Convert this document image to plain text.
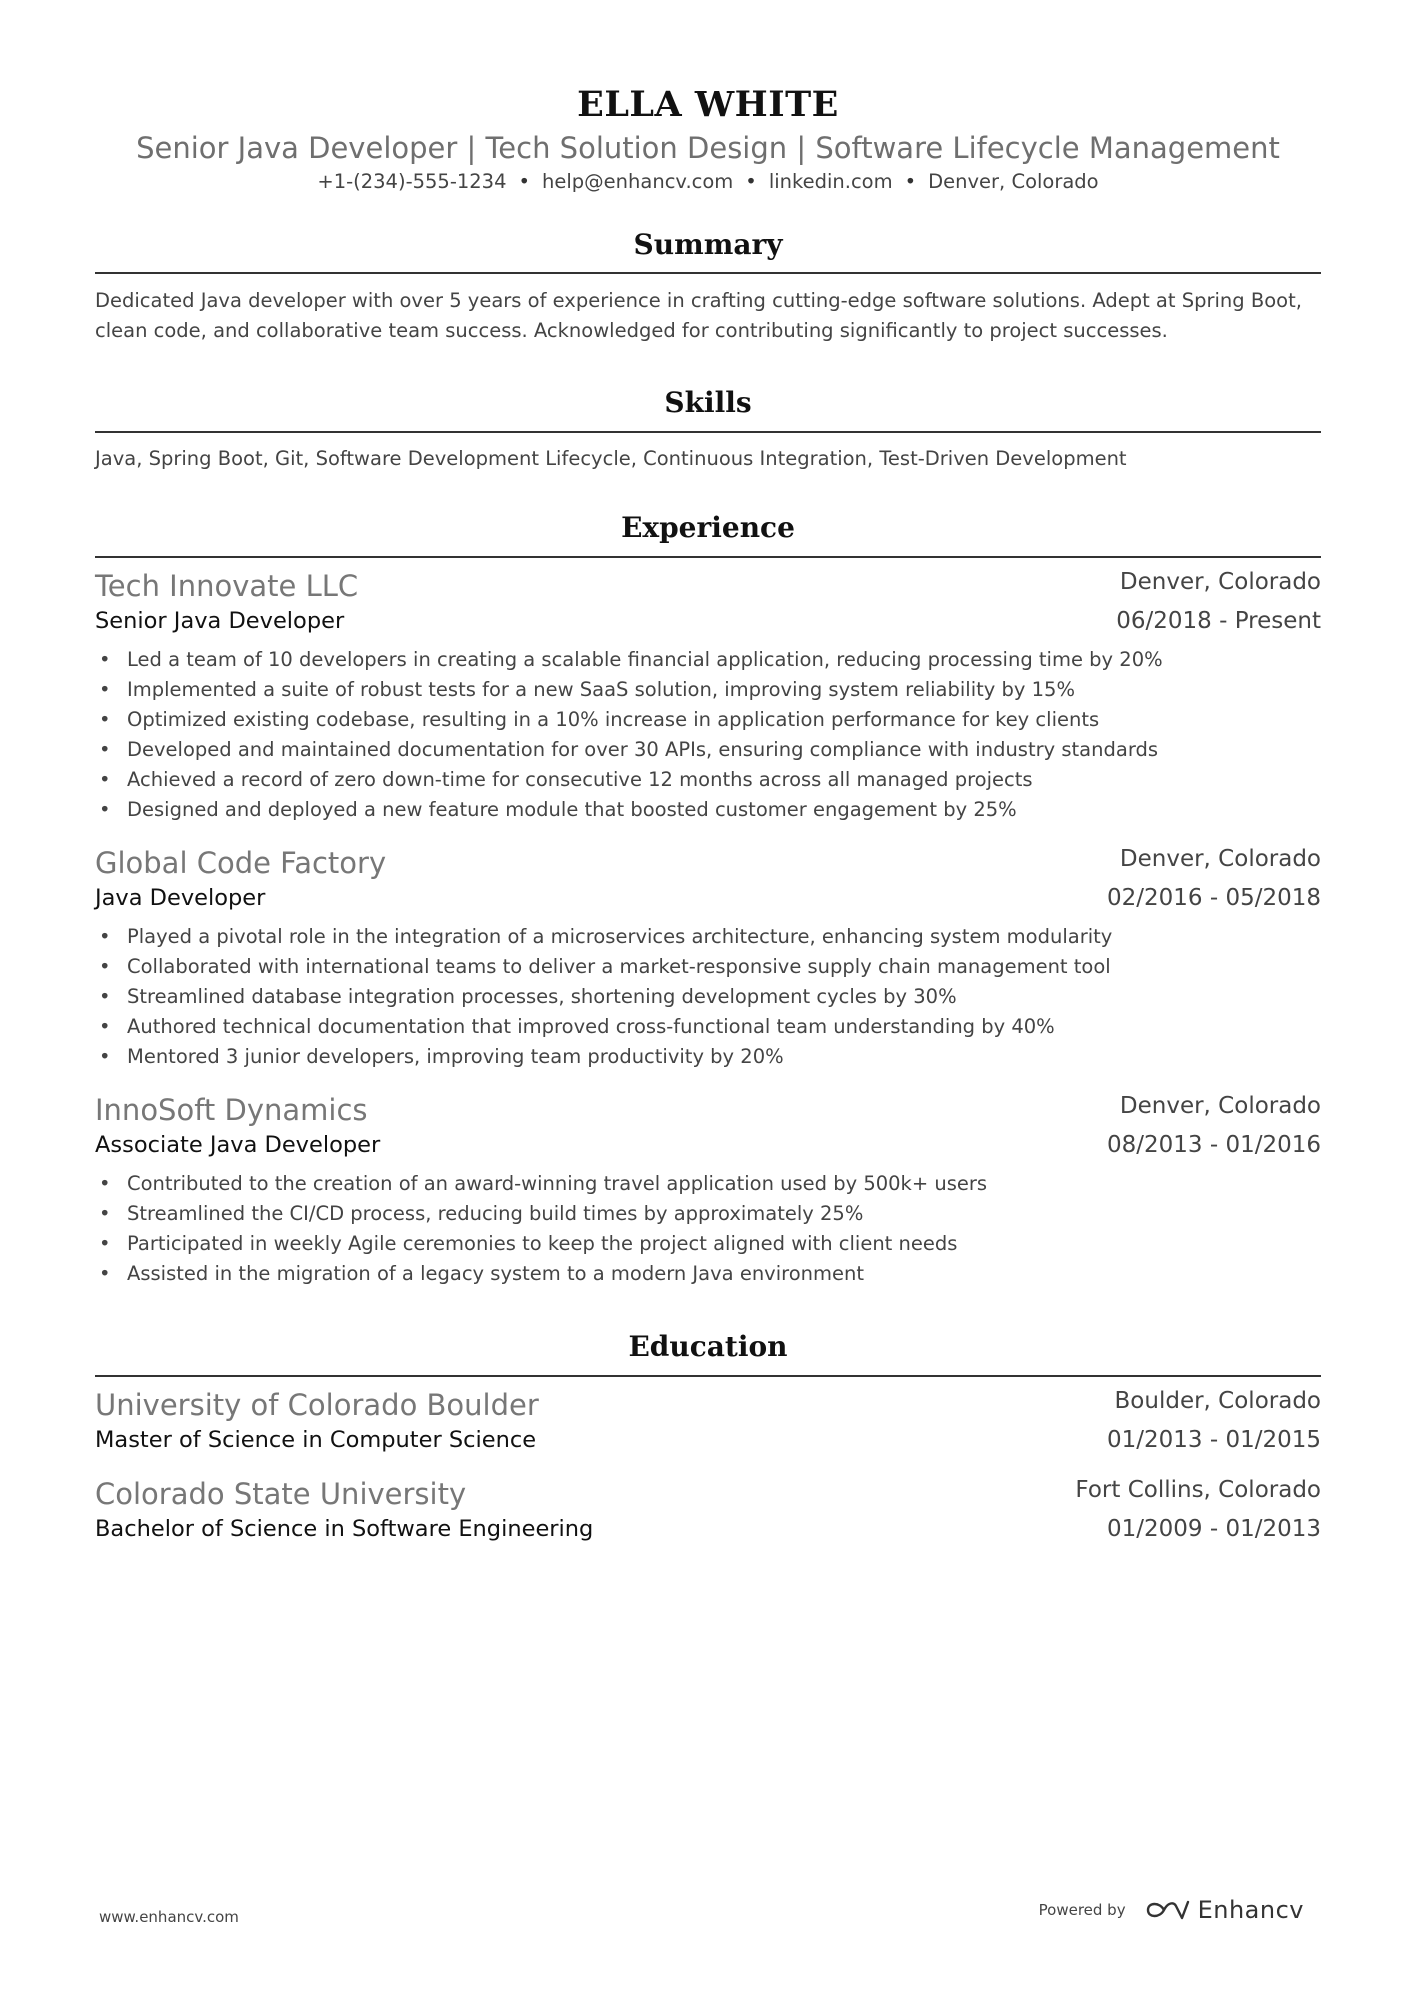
ELLA WHITE
Senior Java Developer | Tech Solution Design | Software Lifecycle Management
+1-(234)-555-1234 • help@enhancv.com • linkedin.com • Denver, Colorado
Summary
Dedicated Java developer with over 5 years of experience in crafting cutting-edge software solutions. Adept at Spring Boot, clean code, and collaborative team success. Acknowledged for contributing significantly to project successes.
Skills
Java, Spring Boot, Git, Software Development Lifecycle, Continuous Integration, Test-Driven Development
Experience
Tech Innovate LLC	Denver, Colorado
Senior Java Developer	06/2018 - Present
• Led a team of 10 developers in creating a scalable financial application, reducing processing time by 20%
• Implemented a suite of robust tests for a new SaaS solution, improving system reliability by 15%
• Optimized existing codebase, resulting in a 10% increase in application performance for key clients
• Developed and maintained documentation for over 30 APIs, ensuring compliance with industry standards
• Achieved a record of zero down-time for consecutive 12 months across all managed projects
• Designed and deployed a new feature module that boosted customer engagement by 25%
Global Code Factory	Denver, Colorado
Java Developer	02/2016 - 05/2018
• Played a pivotal role in the integration of a microservices architecture, enhancing system modularity
• Collaborated with international teams to deliver a market-responsive supply chain management tool
• Streamlined database integration processes, shortening development cycles by 30%
• Authored technical documentation that improved cross-functional team understanding by 40%
• Mentored 3 junior developers, improving team productivity by 20%
InnoSoft Dynamics	Denver, Colorado
Associate Java Developer	08/2013 - 01/2016
• Contributed to the creation of an award-winning travel application used by 500k+ users
• Streamlined the CI/CD process, reducing build times by approximately 25%
• Participated in weekly Agile ceremonies to keep the project aligned with client needs
• Assisted in the migration of a legacy system to a modern Java environment
Education
University of Colorado Boulder	Boulder, Colorado
Master of Science in Computer Science	01/2013 - 01/2015
Colorado State University	Fort Collins, Colorado
Bachelor of Science in Software Engineering	01/2009 - 01/2013
www.enhancv.com	Powered by	Enhancv
